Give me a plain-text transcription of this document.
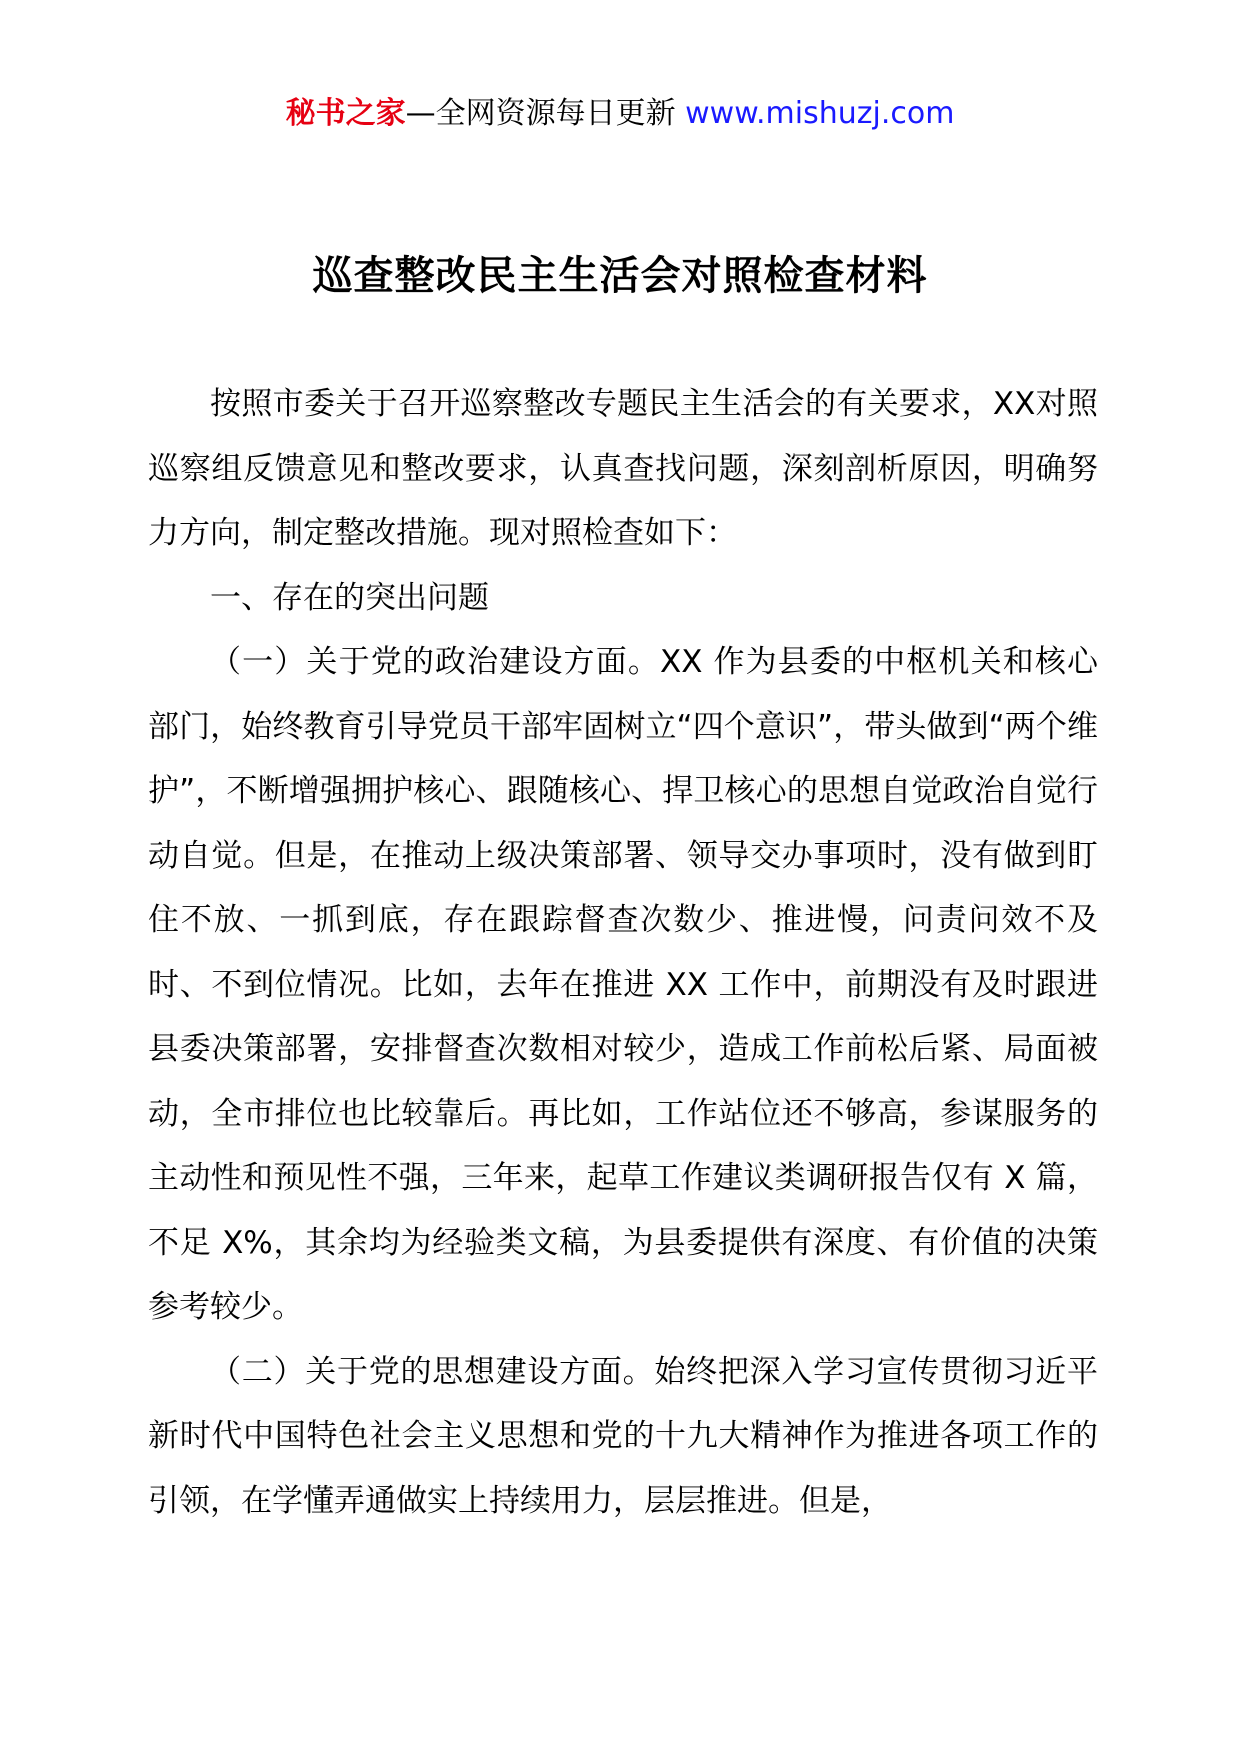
秘书之家—全网资源每日更新 www.mishuzj.com
巡查整改民主生活会对照检查材料

按照市委关于召开巡察整改专题民主生活会的有关要求，XX对照巡察组反馈意见和整改要求，认真查找问题，深刻剖析原因，明确努力方向，制定整改措施。现对照检查如下：

一、存在的突出问题

（一）关于党的政治建设方面。XX 作为县委的中枢机关和核心部门，始终教育引导党员干部牢固树立“四个意识”，带头做到“两个维护”，不断增强拥护核心、跟随核心、捍卫核心的思想自觉政治自觉行动自觉。但是，在推动上级决策部署、领导交办事项时，没有做到盯住不放、一抓到底，存在跟踪督查次数少、推进慢，问责问效不及时、不到位情况。比如，去年在推进 XX 工作中，前期没有及时跟进县委决策部署，安排督查次数相对较少，造成工作前松后紧、局面被动，全市排位也比较靠后。再比如，工作站位还不够高，参谋服务的主动性和预见性不强，三年来，起草工作建议类调研报告仅有 X 篇，不足 X%，其余均为经验类文稿，为县委提供有深度、有价值的决策参考较少。

（二）关于党的思想建设方面。始终把深入学习宣传贯彻习近平新时代中国特色社会主义思想和党的十九大精神作为推进各项工作的引领，在学懂弄通做实上持续用力，层层推进。但是，
